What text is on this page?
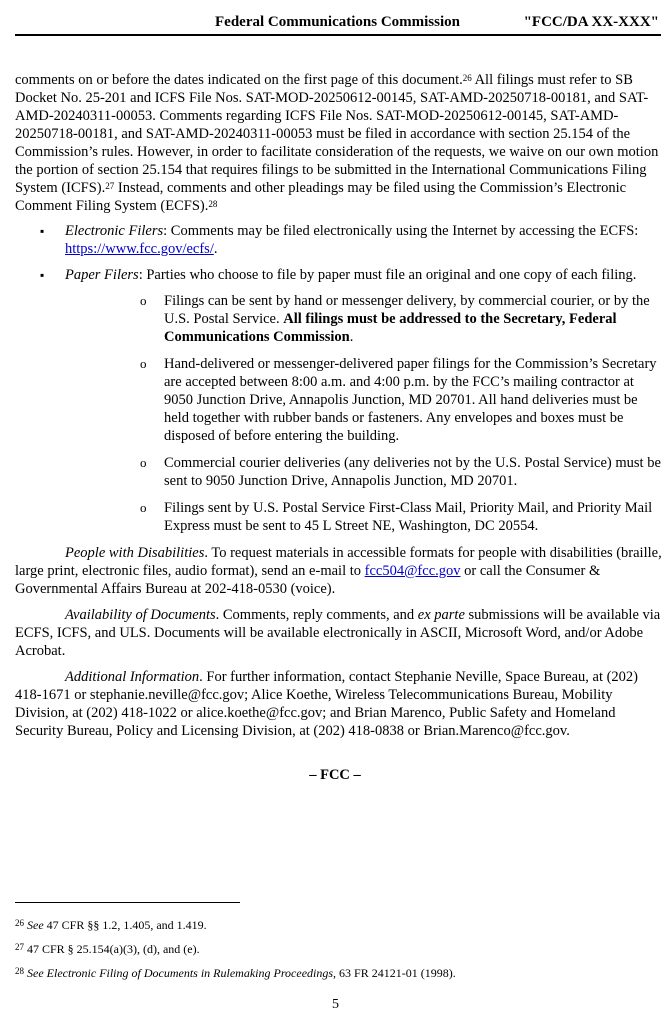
Federal Communications Commission	"FCC/DA XX-XXX"

comments on or before the dates indicated on the first page of this document.$^{26}$ All filings must refer to SB Docket No. 25-201 and ICFS File Nos. SAT-MOD-20250612-00145, SAT-AMD-20250718-00181, and SAT-AMD-20240311-00053. Comments regarding ICFS File Nos. SAT-MOD-20250612-00145, SAT-AMD-20250718-00181, and SAT-AMD-20240311-00053 must be filed in accordance with section 25.154 of the Commission’s rules. However, in order to facilitate consideration of the requests, we waive on our own motion the portion of section 25.154 that requires filings to be submitted in the International Communications Filing System (ICFS).$^{27}$ Instead, comments and other pleadings may be filed using the Commission’s Electronic Comment Filing System (ECFS).$^{28}$

▪ Electronic Filers: Comments may be filed electronically using the Internet by accessing the ECFS: https://www.fcc.gov/ecfs/.
▪ Paper Filers: Parties who choose to file by paper must file an original and one copy of each filing.
o Filings can be sent by hand or messenger delivery, by commercial courier, or by the U.S. Postal Service. All filings must be addressed to the Secretary, Federal Communications Commission.
o Hand-delivered or messenger-delivered paper filings for the Commission’s Secretary are accepted between 8:00 a.m. and 4:00 p.m. by the FCC’s mailing contractor at 9050 Junction Drive, Annapolis Junction, MD 20701. All hand deliveries must be held together with rubber bands or fasteners. Any envelopes and boxes must be disposed of before entering the building.
o Commercial courier deliveries (any deliveries not by the U.S. Postal Service) must be sent to 9050 Junction Drive, Annapolis Junction, MD 20701.
o Filings sent by U.S. Postal Service First-Class Mail, Priority Mail, and Priority Mail Express must be sent to 45 L Street NE, Washington, DC 20554.

People with Disabilities. To request materials in accessible formats for people with disabilities (braille, large print, electronic files, audio format), send an e-mail to fcc504@fcc.gov or call the Consumer & Governmental Affairs Bureau at 202-418-0530 (voice).

Availability of Documents. Comments, reply comments, and ex parte submissions will be available via ECFS, ICFS, and ULS. Documents will be available electronically in ASCII, Microsoft Word, and/or Adobe Acrobat.

Additional Information. For further information, contact Stephanie Neville, Space Bureau, at (202) 418-1671 or stephanie.neville@fcc.gov; Alice Koethe, Wireless Telecommunications Bureau, Mobility Division, at (202) 418-1022 or alice.koethe@fcc.gov; and Brian Marenco, Public Safety and Homeland Security Bureau, Policy and Licensing Division, at (202) 418-0838 or Brian.Marenco@fcc.gov.

– FCC –

$^{26}$ See 47 CFR §§ 1.2, 1.405, and 1.419.
$^{27}$ 47 CFR § 25.154(a)(3), (d), and (e).
$^{28}$ See Electronic Filing of Documents in Rulemaking Proceedings, 63 FR 24121-01 (1998).
5
